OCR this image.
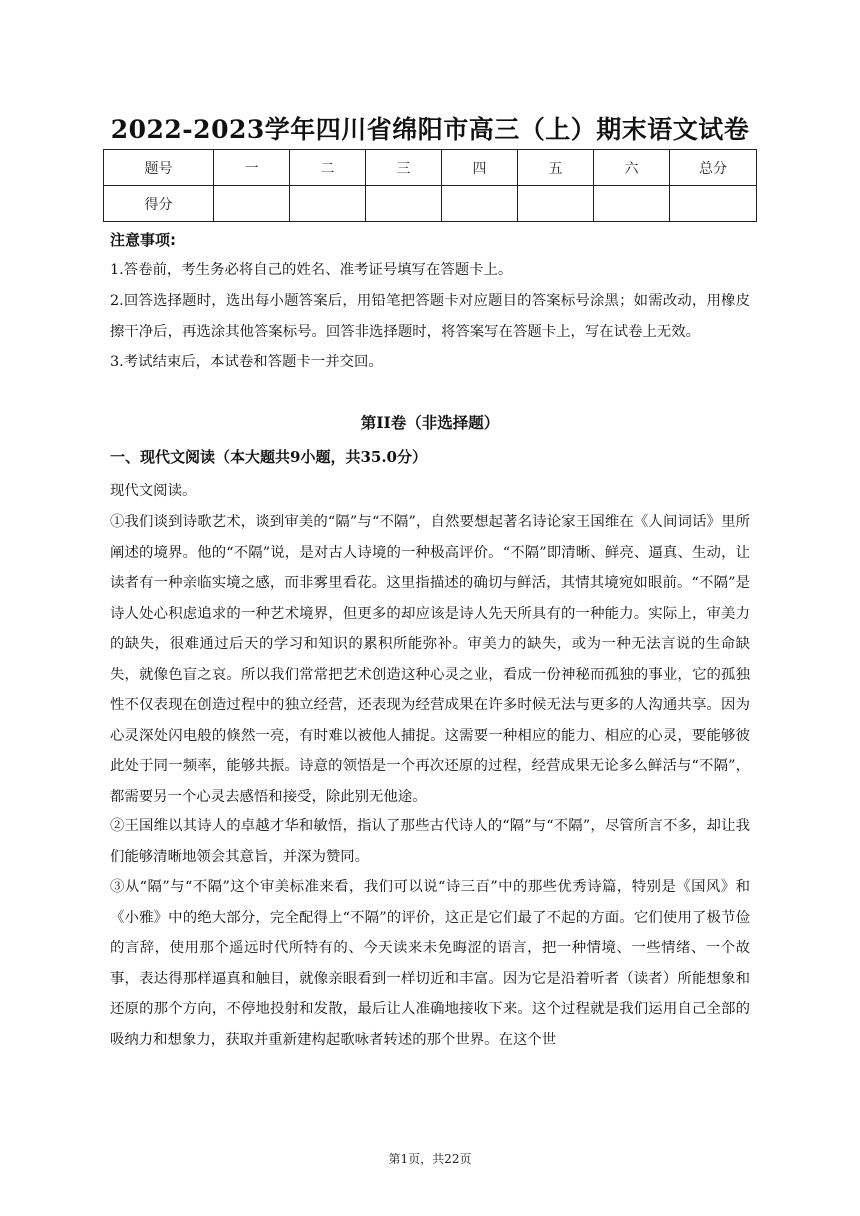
2022-2023学年四川省绵阳市高三（上）期末语文试卷
题号	一	二	三	四	五	六	总分
得分							
注意事项:
1.答卷前，考生务必将自己的姓名、准考证号填写在答题卡上。
2.回答选择题时，选出每小题答案后，用铅笔把答题卡对应题目的答案标号涂黑；如需改动，用橡皮擦干净后，再选涂其他答案标号。回答非选择题时，将答案写在答题卡上，写在试卷上无效。
3.考试结束后，本试卷和答题卡一并交回。
第II卷（非选择题）
一、现代文阅读（本大题共9小题，共35.0分）
现代文阅读。
①我们谈到诗歌艺术，谈到审美的“隔”与“不隔”，自然要想起著名诗论家王国维在《人间词话》里所阐述的境界。他的“不隔”说，是对古人诗境的一种极高评价。“不隔”即清晰、鲜亮、逼真、生动，让读者有一种亲临实境之感，而非雾里看花。这里指描述的确切与鲜活，其情其境宛如眼前。“不隔”是诗人处心积虑追求的一种艺术境界，但更多的却应该是诗人先天所具有的一种能力。实际上，审美力的缺失，很难通过后天的学习和知识的累积所能弥补。审美力的缺失，或为一种无法言说的生命缺失，就像色盲之哀。所以我们常常把艺术创造这种心灵之业，看成一份神秘而孤独的事业，它的孤独性不仅表现在创造过程中的独立经营，还表现为经营成果在许多时候无法与更多的人沟通共享。因为心灵深处闪电般的倏然一亮，有时难以被他人捕捉。这需要一种相应的能力、相应的心灵，要能够彼此处于同一频率，能够共振。诗意的领悟是一个再次还原的过程，经营成果无论多么鲜活与“不隔”，都需要另一个心灵去感悟和接受，除此别无他途。
②王国维以其诗人的卓越才华和敏悟，指认了那些古代诗人的“隔”与“不隔”，尽管所言不多，却让我们能够清晰地领会其意旨，并深为赞同。
③从“隔”与“不隔”这个审美标准来看，我们可以说“诗三百”中的那些优秀诗篇，特别是《国风》和《小雅》中的绝大部分，完全配得上“不隔”的评价，这正是它们最了不起的方面。它们使用了极节俭的言辞，使用那个遥远时代所特有的、今天读来未免晦涩的语言，把一种情境、一些情绪、一个故事，表达得那样逼真和触目，就像亲眼看到一样切近和丰富。因为它是沿着听者（读者）所能想象和还原的那个方向，不停地投射和发散，最后让人准确地接收下来。这个过程就是我们运用自己全部的吸纳力和想象力，获取并重新建构起歌咏者转述的那个世界。在这个世
第1页，共22页
